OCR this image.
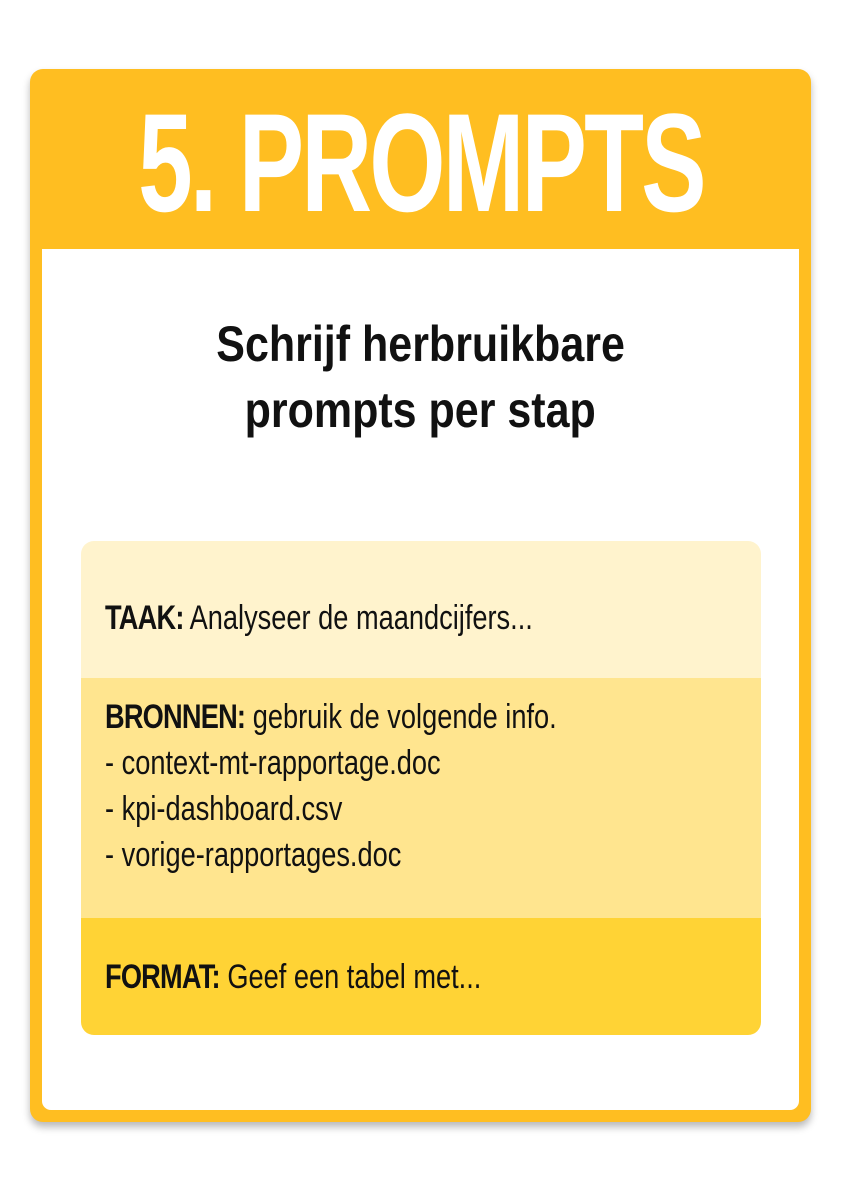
5. PROMPTS
Schrijf herbruikbare
prompts per stap
TAAK: Analyseer de maandcijfers...
BRONNEN: gebruik de volgende info.
- context-mt-rapportage.doc
- kpi-dashboard.csv
- vorige-rapportages.doc
FORMAT: Geef een tabel met...
